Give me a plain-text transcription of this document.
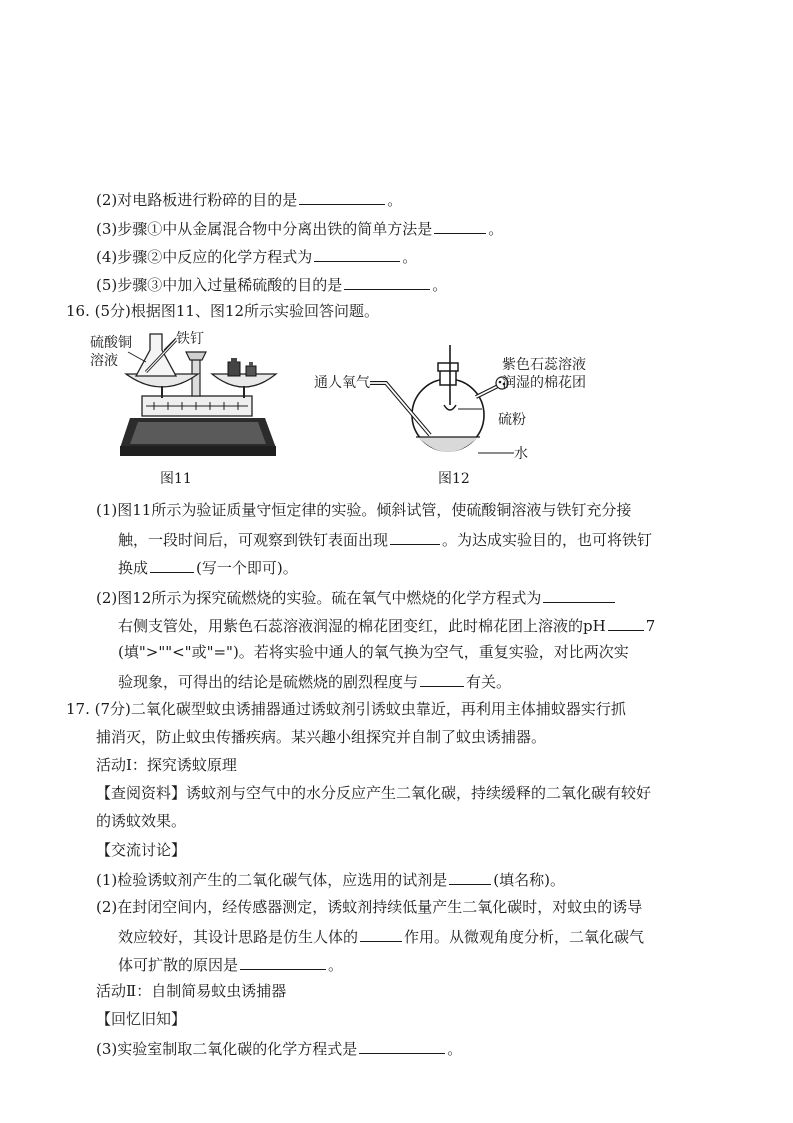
(2)对电路板进行粉碎的目的是	。
(3)步骤①中从金属混合物中分离出铁的简单方法是	。
(4)步骤②中反应的化学方程式为	。
(5)步骤③中加入过量稀硫酸的目的是	。
16. (5分)根据图11、图12所示实验回答问题。
硫酸铜
溶液
铁钉
图11
通人氧气
紫色石蕊溶液
润湿的棉花团
硫粉
水
图12
(1)图11所示为验证质量守恒定律的实验。倾斜试管，使硫酸铜溶液与铁钉充分接
触，一段时间后，可观察到铁钉表面出现	。为达成实验目的，也可将铁钉
换成	(写一个即可)。
(2)图12所示为探究硫燃烧的实验。硫在氧气中燃烧的化学方程式为
右侧支管处，用紫色石蕊溶液润湿的棉花团变红，此时棉花团上溶液的pH	7
(填">""<"或"=")。若将实验中通人的氧气换为空气，重复实验，对比两次实
验现象，可得出的结论是硫燃烧的剧烈程度与	有关。
17. (7分)二氧化碳型蚊虫诱捕器通过诱蚊剂引诱蚊虫靠近，再利用主体捕蚊器实行抓
捕消灭，防止蚊虫传播疾病。某兴趣小组探究并自制了蚊虫诱捕器。
活动Ⅰ：探究诱蚊原理
【查阅资料】诱蚊剂与空气中的水分反应产生二氧化碳，持续缓释的二氧化碳有较好
的诱蚊效果。
【交流讨论】
(1)检验诱蚊剂产生的二氧化碳气体，应选用的试剂是	(填名称)。
(2)在封闭空间内，经传感器测定，诱蚊剂持续低量产生二氧化碳时，对蚊虫的诱导
效应较好，其设计思路是仿生人体的	作用。从微观角度分析，二氧化碳气
体可扩散的原因是	。
活动Ⅱ：自制简易蚊虫诱捕器
【回忆旧知】
(3)实验室制取二氧化碳的化学方程式是	。
